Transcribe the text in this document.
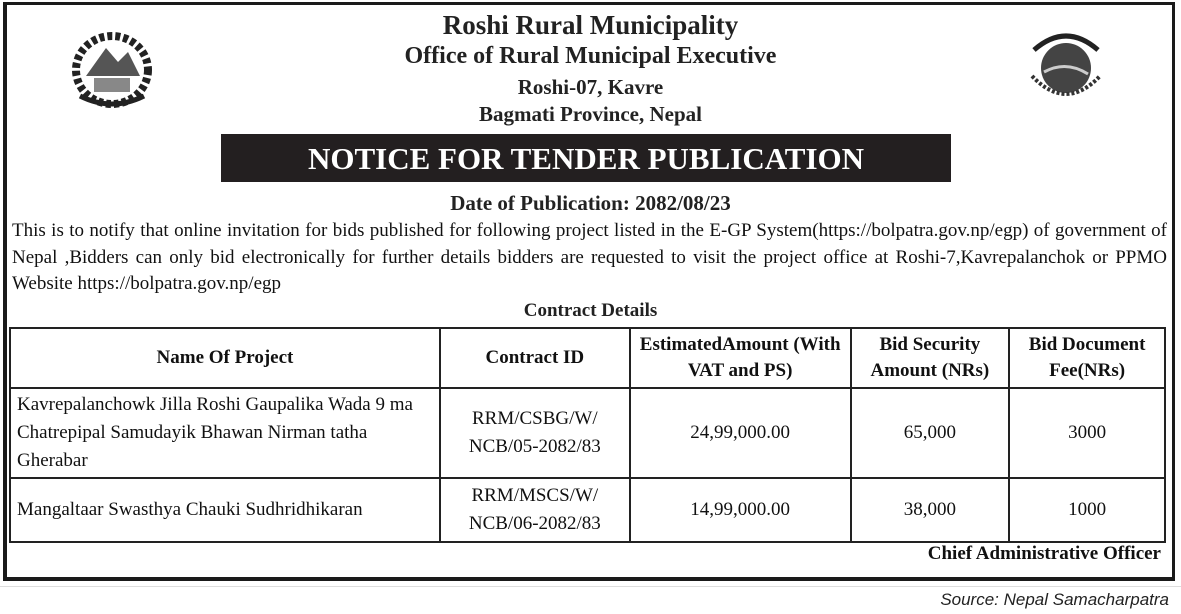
Roshi Rural Municipality
Office of Rural Municipal Executive
Roshi-07, Kavre
Bagmati Province, Nepal
NOTICE FOR TENDER PUBLICATION
Date of Publication: 2082/08/23
This is to notify that online invitation for bids published for following project listed in the E-GP System(https://bolpatra.gov.np/egp) of government of Nepal ,Bidders can only bid electronically for further details bidders are requested to visit the project office at Roshi-7,Kavrepalanchok or PPMO Website https://bolpatra.gov.np/egp
Contract Details
Name Of Project	Contract ID	EstimatedAmount (With VAT and PS)	Bid Security Amount (NRs)	Bid Document Fee(NRs)
Kavrepalanchowk Jilla Roshi Gaupalika Wada 9 ma Chatrepipal Samudayik Bhawan Nirman tatha Gherabar	RRM/CSBG/W/ NCB/05-2082/83	24,99,000.00	65,000	3000
Mangaltaar Swasthya Chauki Sudhridhikaran	RRM/MSCS/W/ NCB/06-2082/83	14,99,000.00	38,000	1000
Chief Administrative Officer
Source: Nepal Samacharpatra
